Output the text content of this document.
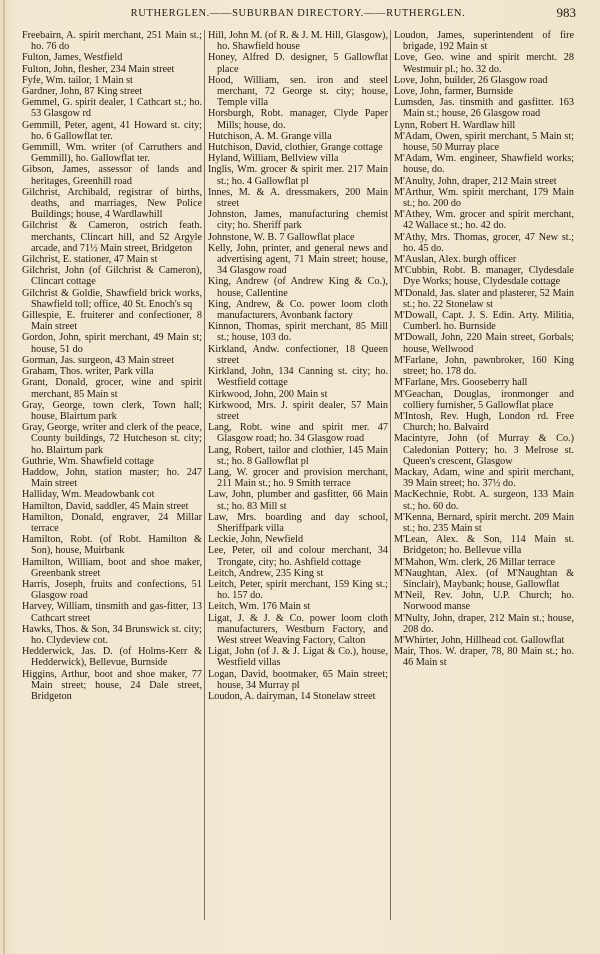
RUTHERGLEN.——SUBURBAN DIRECTORY.——RUTHERGLEN.	983

Freebairn, A. spirit merchant, 251 Main st.; ho. 76 do

Fulton, James, Westfield

Fulton, John, flesher, 234 Main street

Fyfe, Wm. tailor, 1 Main st

Gardner, John, 87 King street

Gemmel, G. spirit dealer, 1 Cathcart st.; ho. 53 Glasgow rd

Gemmill, Peter, agent, 41 Howard st. city; ho. 6 Gallowflat ter.

Gemmill, Wm. writer (of Carruthers and Gemmill), ho. Gallowflat ter.

Gibson, James, assessor of lands and heritages, Greenhill road

Gilchrist, Archibald, registrar of births, deaths, and marriages, New Police Buildings; house, 4 Wardlawhill

Gilchrist & Cameron, ostrich feath. merchants, Clincart hill, and 52 Argyle arcade, and 71½ Main street, Bridgeton

Gilchrist, E. stationer, 47 Main st

Gilchrist, John (of Gilchrist & Cameron), Clincart cottage

Gilchrist & Goldie, Shawfield brick works, Shawfield toll; office, 40 St. Enoch's sq

Gillespie, E. fruiterer and confectioner, 8 Main street

Gordon, John, spirit merchant, 49 Main st; house, 51 do

Gorman, Jas. surgeon, 43 Main street

Graham, Thos. writer, Park villa

Grant, Donald, grocer, wine and spirit merchant, 85 Main st

Gray, George, town clerk, Town hall; house, Blairtum park

Gray, George, writer and clerk of the peace, County buildings, 72 Hutcheson st. city; ho. Blairtum park

Guthrie, Wm. Shawfield cottage

Haddow, John, station master; ho. 247 Main street

Halliday, Wm. Meadowbank cot

Hamilton, David, saddler, 45 Main street

Hamilton, Donald, engraver, 24 Millar terrace

Hamilton, Robt. (of Robt. Hamilton & Son), house, Muirbank

Hamilton, William, boot and shoe maker, Greenbank street

Harris, Joseph, fruits and confections, 51 Glasgow road

Harvey, William, tinsmith and gas-fitter, 13 Cathcart street

Hawks, Thos. & Son, 34 Brunswick st. city; ho. Clydeview cot.

Hedderwick, Jas. D. (of Holms-Kerr & Hedderwick), Bellevue, Burnside

Higgins, Arthur, boot and shoe maker, 77 Main street; house, 24 Dale street, Bridgeton

Hill, John M. (of R. & J. M. Hill, Glasgow), ho. Shawfield house

Honey, Alfred D. designer, 5 Gallowflat place

Hood, William, sen. iron and steel merchant, 72 George st. city; house, Temple villa

Horsburgh, Robt. manager, Clyde Paper Mills; house, do.

Hutchison, A. M. Grange villa

Hutchison, David, clothier, Grange cottage

Hyland, William, Bellview villa

Inglis, Wm. grocer & spirit mer. 217 Main st.; ho. 4 Gallowflat pl

Innes, M. & A. dressmakers, 200 Main street

Johnston, James, manufacturing chemist city; ho. Sheriff park

Johnstone, W. B. 7 Gallowflat place

Kelly, John, printer, and general news and advertising agent, 71 Main street; house, 34 Glasgow road

King, Andrew (of Andrew King & Co.), house, Callentine

King, Andrew, & Co. power loom cloth manufacturers, Avonbank factory

Kinnon, Thomas, spirit merchant, 85 Mill st.; house, 103 do.

Kirkland, Andw. confectioner, 18 Queen street

Kirkland, John, 134 Canning st. city; ho. Westfield cottage

Kirkwood, John, 200 Main st

Kirkwood, Mrs. J. spirit dealer, 57 Main street

Lang, Robt. wine and spirit mer. 47 Glasgow road; ho. 34 Glasgow road

Lang, Robert, tailor and clothier, 145 Main st.; ho. 8 Gallowflat pl

Lang, W. grocer and provision merchant, 211 Main st.; ho. 9 Smith terrace

Law, John, plumber and gasfitter, 66 Main st.; ho. 83 Mill st

Law, Mrs. boarding and day school, Sheriffpark villa

Leckie, John, Newfield

Lee, Peter, oil and colour merchant, 34 Trongate, city; ho. Ashfield cottage

Leitch, Andrew, 235 King st

Leitch, Peter, spirit merchant, 159 King st.; ho. 157 do.

Leitch, Wm. 176 Main st

Ligat, J. & J. & Co. power loom cloth manufacturers, Westburn Factory, and West street Weaving Factory, Calton

Ligat, John (of J. & J. Ligat & Co.), house, Westfield villas

Logan, David, bootmaker, 65 Main street; house, 34 Murray pl

Loudon, A. dairyman, 14 Stonelaw street

Loudon, James, superintendent of fire brigade, 192 Main st

Love, Geo. wine and spirit mercht. 28 Westmuir pl.; ho. 32 do.

Love, John, builder, 26 Glasgow road

Love, John, farmer, Burnside

Lumsden, Jas. tinsmith and gasfitter. 163 Main st.; house, 26 Glasgow road

Lynn, Robert H. Wardlaw hill

M'Adam, Owen, spirit merchant, 5 Main st; house, 50 Murray place

M'Adam, Wm. engineer, Shawfield works; house, do.

M'Anulty, John, draper, 212 Main street

M'Arthur, Wm. spirit merchant, 179 Main st.; ho. 200 do

M'Athey, Wm. grocer and spirit merchant, 42 Wallace st.; ho. 42 do.

M'Athy, Mrs. Thomas, grocer, 47 New st.; ho. 45 do.

M'Auslan, Alex. burgh officer

M'Cubbin, Robt. B. manager, Clydesdale Dye Works; house, Clydesdale cottage

M'Donald, Jas. slater and plasterer, 52 Main st.; ho. 22 Stonelaw st

M'Dowall, Capt. J. S. Edin. Arty. Militia, Cumberl. ho. Burnside

M'Dowall, John, 220 Main street, Gorbals; house, Wellwood

M'Farlane, John, pawnbroker, 160 King street; ho. 178 do.

M'Farlane, Mrs. Gooseberry hall

M'Geachan, Douglas, ironmonger and colliery furnisher, 5 Gallowflat place

M'Intosh, Rev. Hugh, London rd. Free Church; ho. Balvaird

Macintyre, John (of Murray & Co.) Caledonian Pottery; ho. 3 Melrose st. Queen's crescent, Glasgow

Mackay, Adam, wine and spirit merchant, 39 Main street; ho. 37½ do.

MacKechnie, Robt. A. surgeon, 133 Main st.; ho. 60 do.

M'Kenna, Bernard, spirit mercht. 209 Main st.; ho. 235 Main st

M'Lean, Alex. & Son, 114 Main st. Bridgeton; ho. Bellevue villa

M'Mahon, Wm. clerk, 26 Millar terrace

M'Naughtan, Alex. (of M'Naughtan & Sinclair), Maybank; house, Gallowflat

M'Neil, Rev. John, U.P. Church; ho. Norwood manse

M'Nulty, John, draper, 212 Main st.; house, 208 do.

M'Whirter, John, Hillhead cot. Gallowflat

Mair, Thos. W. draper, 78, 80 Main st.; ho. 46 Main st
